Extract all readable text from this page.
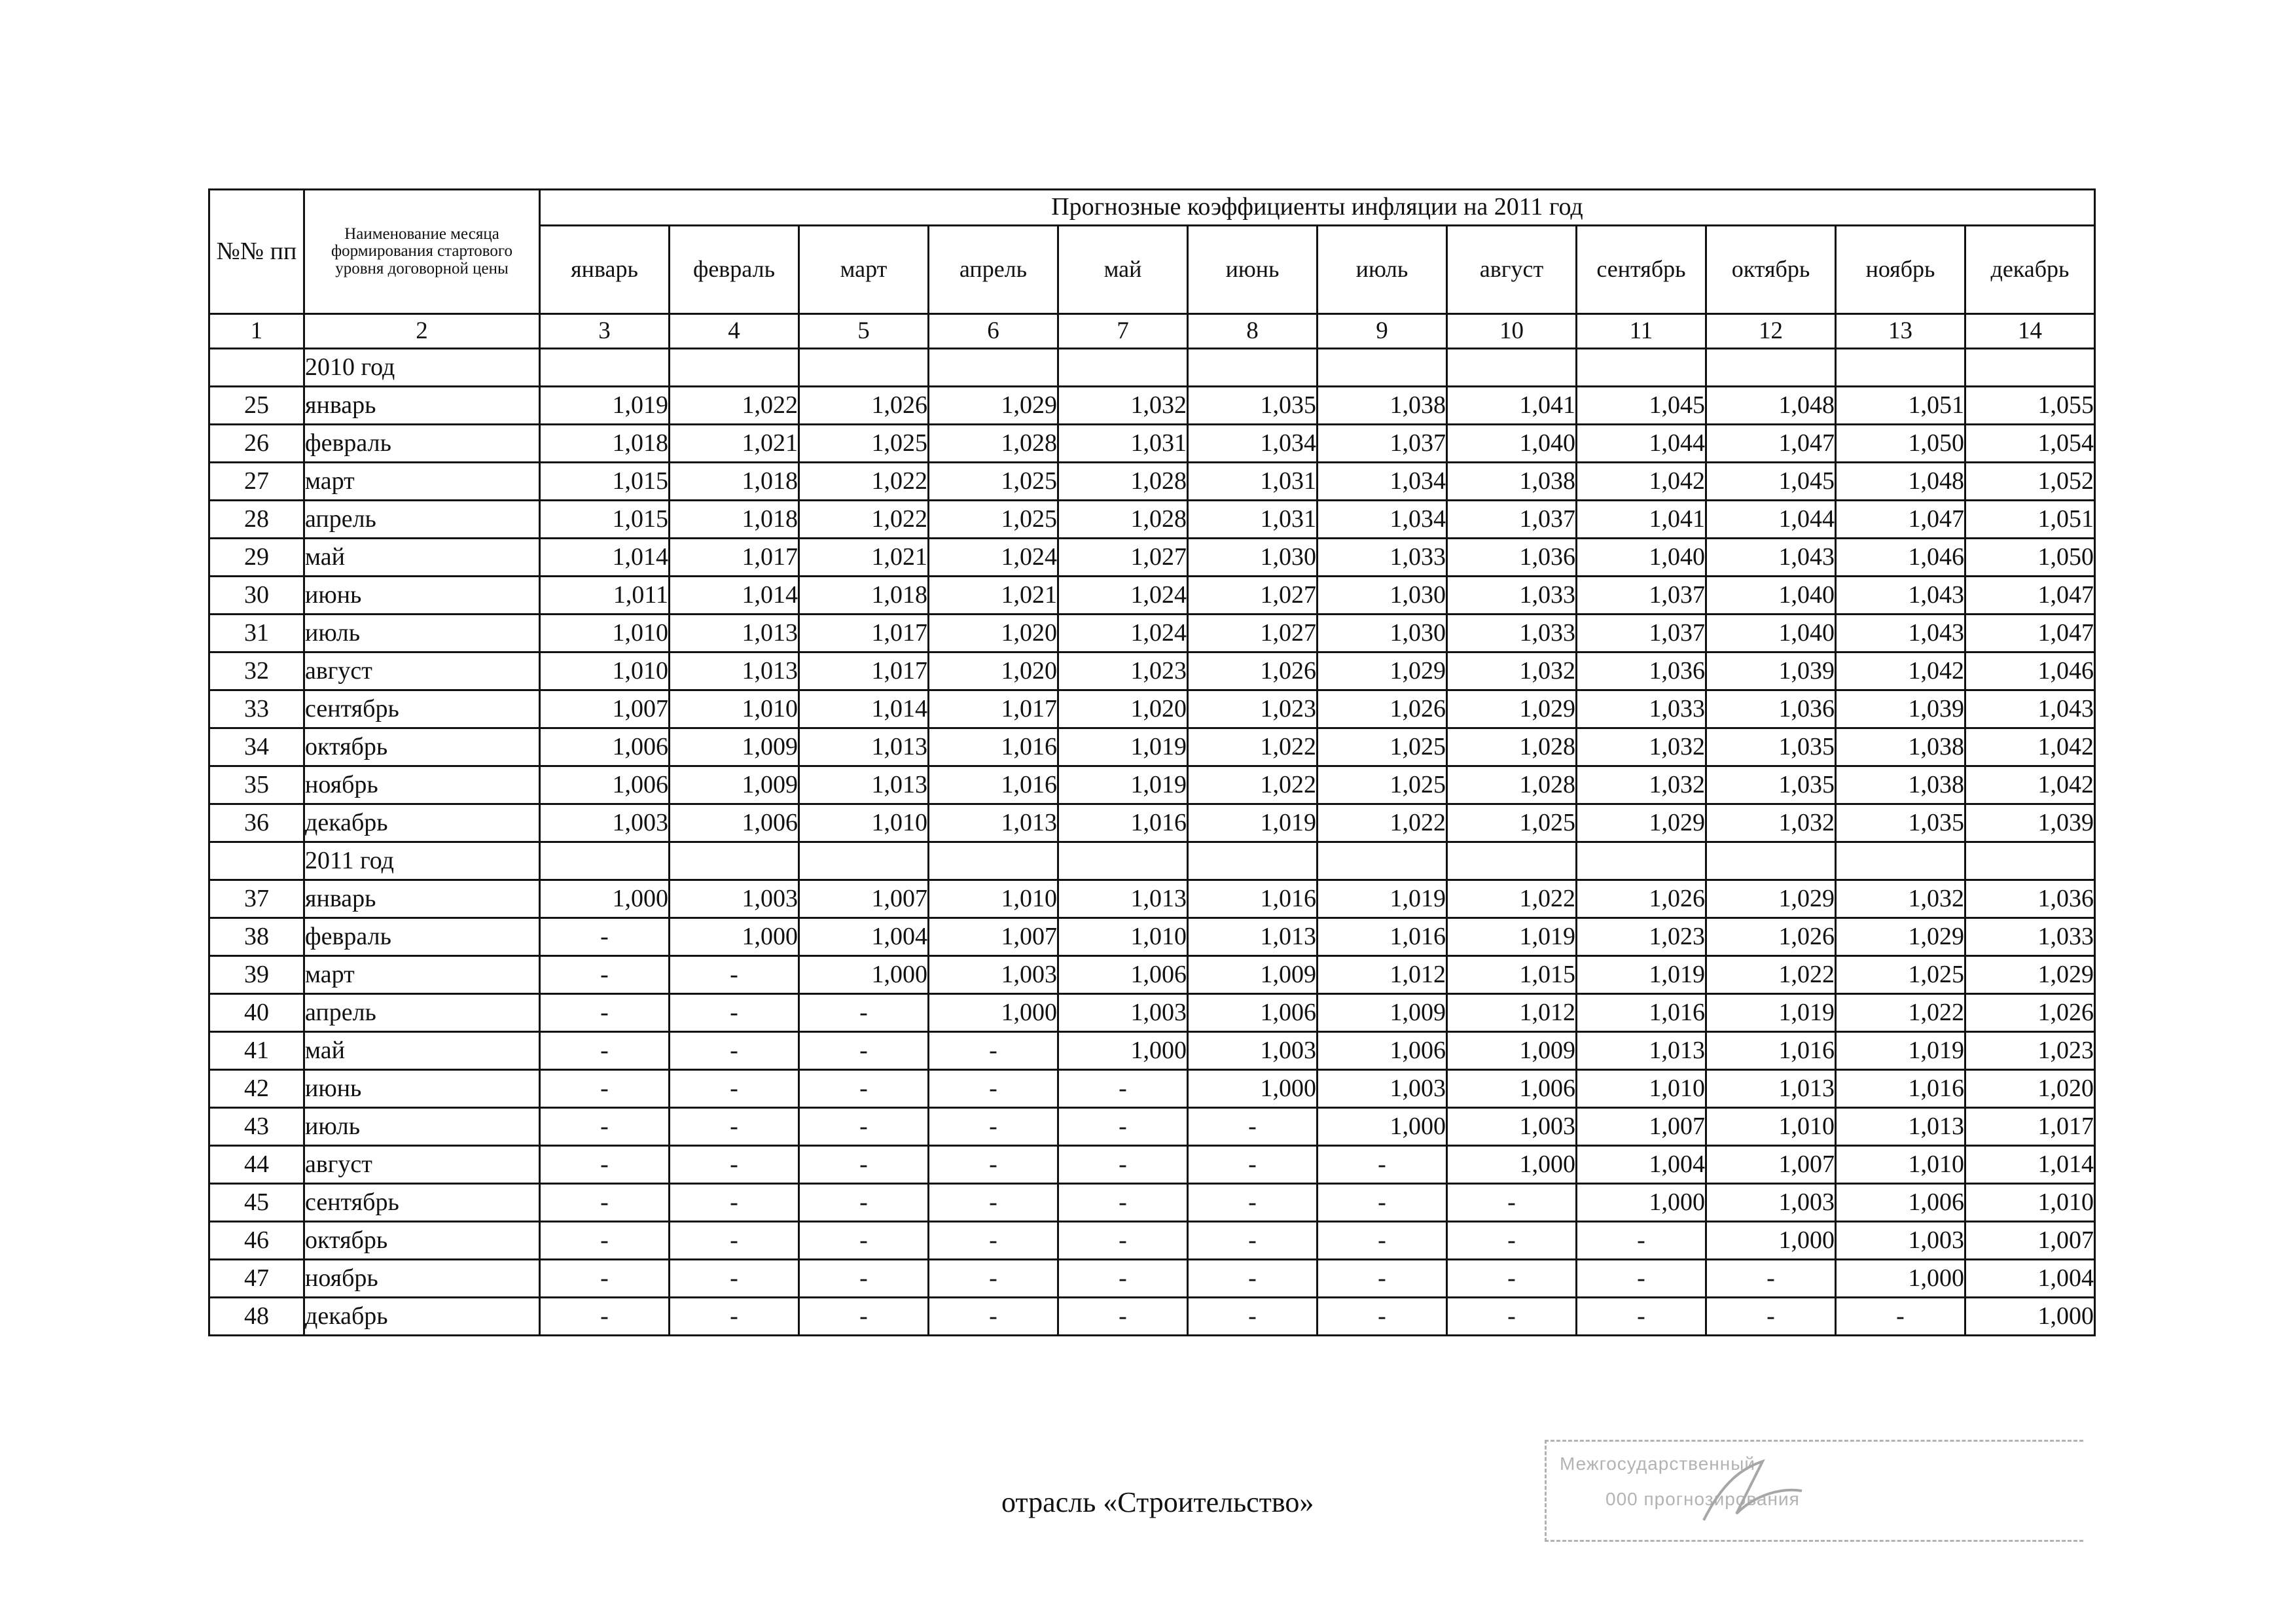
№№ пп	Наименование месяца формирования стартового уровня договорной цены	Прогнозные коэффициенты инфляции на 2011 год											
		январь	февраль	март	апрель	май	июнь	июль	август	сентябрь	октябрь	ноябрь	декабрь
1	2	3	4	5	6	7	8	9	10	11	12	13	14
	2010 год												
25	январь	1,019	1,022	1,026	1,029	1,032	1,035	1,038	1,041	1,045	1,048	1,051	1,055
26	февраль	1,018	1,021	1,025	1,028	1,031	1,034	1,037	1,040	1,044	1,047	1,050	1,054
27	март	1,015	1,018	1,022	1,025	1,028	1,031	1,034	1,038	1,042	1,045	1,048	1,052
28	апрель	1,015	1,018	1,022	1,025	1,028	1,031	1,034	1,037	1,041	1,044	1,047	1,051
29	май	1,014	1,017	1,021	1,024	1,027	1,030	1,033	1,036	1,040	1,043	1,046	1,050
30	июнь	1,011	1,014	1,018	1,021	1,024	1,027	1,030	1,033	1,037	1,040	1,043	1,047
31	июль	1,010	1,013	1,017	1,020	1,024	1,027	1,030	1,033	1,037	1,040	1,043	1,047
32	август	1,010	1,013	1,017	1,020	1,023	1,026	1,029	1,032	1,036	1,039	1,042	1,046
33	сентябрь	1,007	1,010	1,014	1,017	1,020	1,023	1,026	1,029	1,033	1,036	1,039	1,043
34	октябрь	1,006	1,009	1,013	1,016	1,019	1,022	1,025	1,028	1,032	1,035	1,038	1,042
35	ноябрь	1,006	1,009	1,013	1,016	1,019	1,022	1,025	1,028	1,032	1,035	1,038	1,042
36	декабрь	1,003	1,006	1,010	1,013	1,016	1,019	1,022	1,025	1,029	1,032	1,035	1,039
	2011 год												
37	январь	1,000	1,003	1,007	1,010	1,013	1,016	1,019	1,022	1,026	1,029	1,032	1,036
38	февраль	-	1,000	1,004	1,007	1,010	1,013	1,016	1,019	1,023	1,026	1,029	1,033
39	март	-	-	1,000	1,003	1,006	1,009	1,012	1,015	1,019	1,022	1,025	1,029
40	апрель	-	-	-	1,000	1,003	1,006	1,009	1,012	1,016	1,019	1,022	1,026
41	май	-	-	-	-	1,000	1,003	1,006	1,009	1,013	1,016	1,019	1,023
42	июнь	-	-	-	-	-	1,000	1,003	1,006	1,010	1,013	1,016	1,020
43	июль	-	-	-	-	-	-	1,000	1,003	1,007	1,010	1,013	1,017
44	август	-	-	-	-	-	-	-	1,000	1,004	1,007	1,010	1,014
45	сентябрь	-	-	-	-	-	-	-	-	1,000	1,003	1,006	1,010
46	октябрь	-	-	-	-	-	-	-	-	-	1,000	1,003	1,007
47	ноябрь	-	-	-	-	-	-	-	-	-	-	1,000	1,004
48	декабрь	-	-	-	-	-	-	-	-	-	-	-	1,000
отрасль «Строительство»
Межгосударственный
000 прогнозирования
